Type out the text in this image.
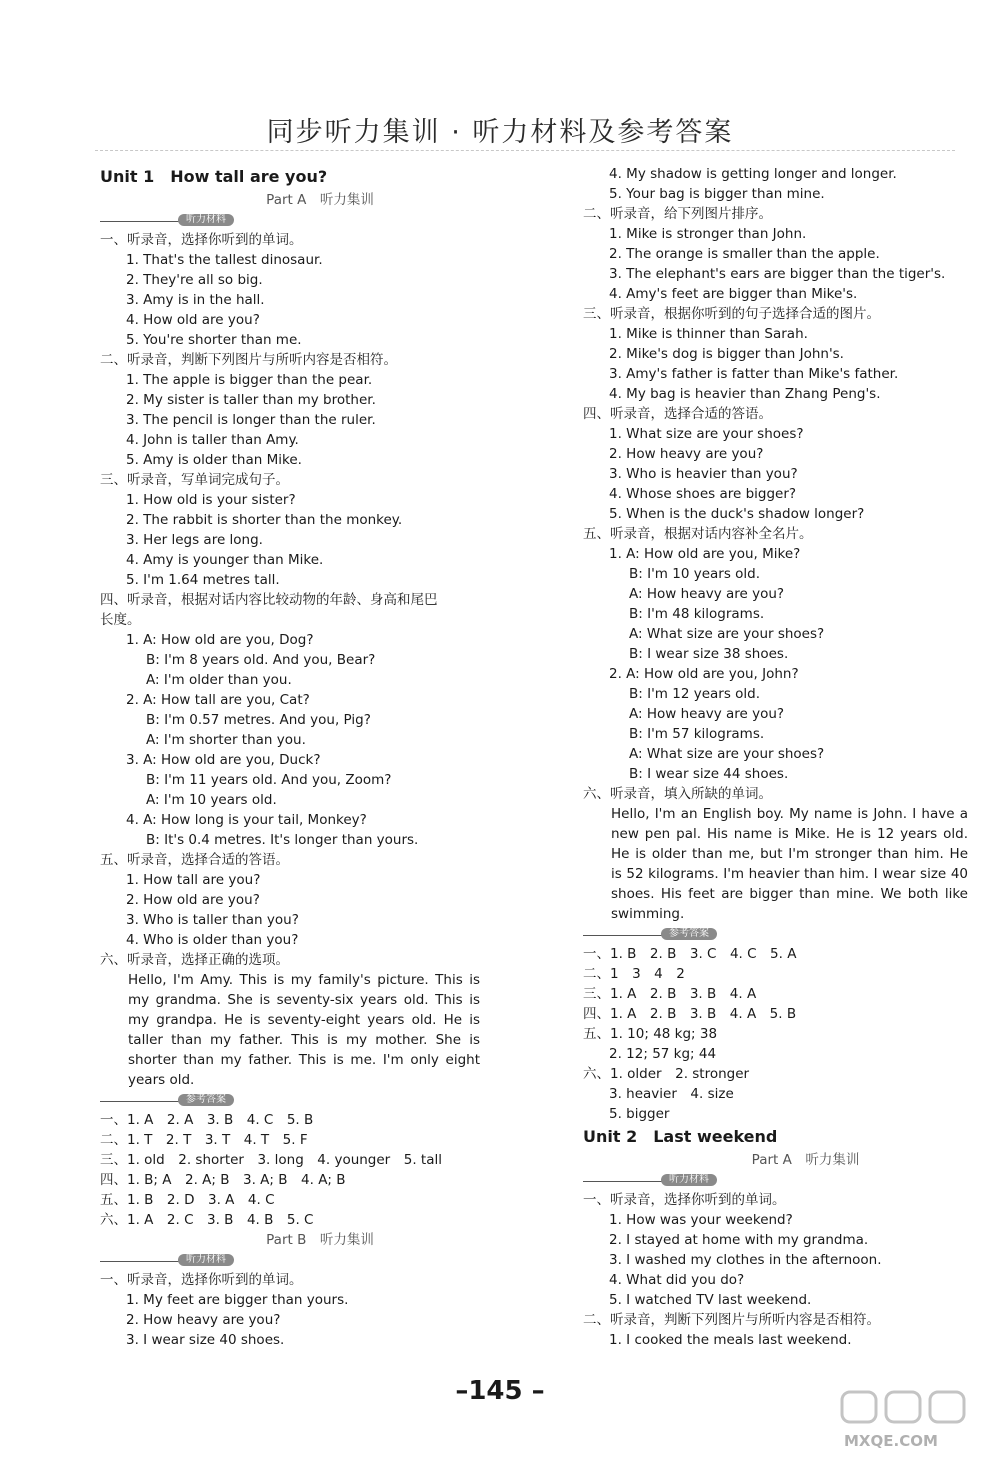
同步听力集训 · 听力材料及参考答案
Unit 1　How tall are you?
Part A　听力集训
听力材料
一、听录音，选择你听到的单词。
1. That's the tallest dinosaur.
2. They're all so big.
3. Amy is in the hall.
4. How old are you?
5. You're shorter than me.
二、听录音，判断下列图片与所听内容是否相符。
1. The apple is bigger than the pear.
2. My sister is taller than my brother.
3. The pencil is longer than the ruler.
4. John is taller than Amy.
5. Amy is older than Mike.
三、听录音，写单词完成句子。
1. How old is your sister?
2. The rabbit is shorter than the monkey.
3. Her legs are long.
4. Amy is younger than Mike.
5. I'm 1.64 metres tall.
四、听录音，根据对话内容比较动物的年龄、身高和尾巴
长度。
1. A: How old are you, Dog?
B: I'm 8 years old. And you, Bear?
A: I'm older than you.
2. A: How tall are you, Cat?
B: I'm 0.57 metres. And you, Pig?
A: I'm shorter than you.
3. A: How old are you, Duck?
B: I'm 11 years old. And you, Zoom?
A: I'm 10 years old.
4. A: How long is your tail, Monkey?
B: It's 0.4 metres. It's longer than yours.
五、听录音，选择合适的答语。
1. How tall are you?
2. How old are you?
3. Who is taller than you?
4. Who is older than you?
六、听录音，选择正确的选项。
Hello, I'm Amy. This is my family's picture. This is my grandma. She is seventy-six years old. This is my grandpa. He is seventy-eight years old. He is taller than my father. This is my mother. She is shorter than my father. This is me. I'm only eight years old.
参考答案
一、1. A　2. A　3. B　4. C　5. B
二、1. T　2. T　3. T　4. T　5. F
三、1. old　2. shorter　3. long　4. younger　5. tall
四、1. B; A　2. A; B　3. A; B　4. A; B
五、1. B　2. D　3. A　4. C
六、1. A　2. C　3. B　4. B　5. C
Part B　听力集训
听力材料
一、听录音，选择你听到的单词。
1. My feet are bigger than yours.
2. How heavy are you?
3. I wear size 40 shoes.
4. My shadow is getting longer and longer.
5. Your bag is bigger than mine.
二、听录音，给下列图片排序。
1. Mike is stronger than John.
2. The orange is smaller than the apple.
3. The elephant's ears are bigger than the tiger's.
4. Amy's feet are bigger than Mike's.
三、听录音，根据你听到的句子选择合适的图片。
1. Mike is thinner than Sarah.
2. Mike's dog is bigger than John's.
3. Amy's father is fatter than Mike's father.
4. My bag is heavier than Zhang Peng's.
四、听录音，选择合适的答语。
1. What size are your shoes?
2. How heavy are you?
3. Who is heavier than you?
4. Whose shoes are bigger?
5. When is the duck's shadow longer?
五、听录音，根据对话内容补全名片。
1. A: How old are you, Mike?
B: I'm 10 years old.
A: How heavy are you?
B: I'm 48 kilograms.
A: What size are your shoes?
B: I wear size 38 shoes.
2. A: How old are you, John?
B: I'm 12 years old.
A: How heavy are you?
B: I'm 57 kilograms.
A: What size are your shoes?
B: I wear size 44 shoes.
六、听录音，填入所缺的单词。
Hello, I'm an English boy. My name is John. I have a new pen pal. His name is Mike. He is 12 years old. He is older than me, but I'm stronger than him. He is 52 kilograms. I'm heavier than him. I wear size 40 shoes. His feet are bigger than mine. We both like swimming.
参考答案
一、1. B　2. B　3. C　4. C　5. A
二、1　3　4　2
三、1. A　2. B　3. B　4. A
四、1. A　2. B　3. B　4. A　5. B
五、1. 10; 48 kg; 38
2. 12; 57 kg; 44
六、1. older　2. stronger
3. heavier　4. size
5. bigger
Unit 2　Last weekend
Part A　听力集训
听力材料
一、听录音，选择你听到的单词。
1. How was your weekend?
2. I stayed at home with my grandma.
3. I washed my clothes in the afternoon.
4. What did you do?
5. I watched TV last weekend.
二、听录音，判断下列图片与所听内容是否相符。
1. I cooked the meals last weekend.
–145 –
MXQE.COM
